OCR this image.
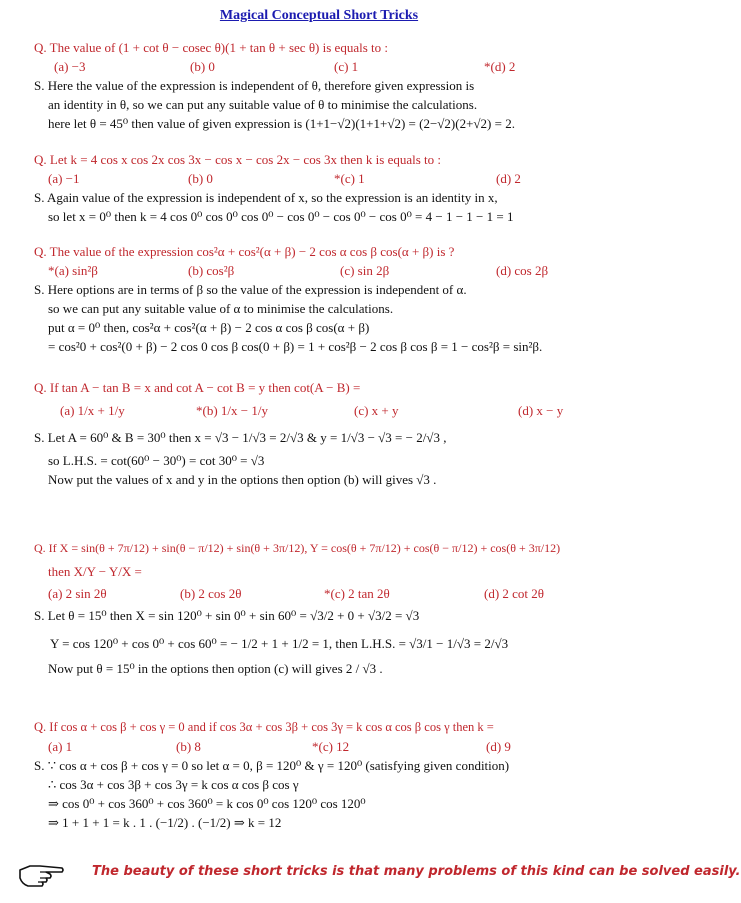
Magical Conceptual Short Tricks
Q. The value of (1 + cot θ − cosec θ)(1 + tan θ + sec θ) is equals to :
(a) −3	(b) 0	(c) 1	*(d) 2
S. Here the value of the expression is independent of θ, therefore given expression is
an identity in θ, so we can put any suitable value of θ to minimise the calculations.
here let θ = 45⁰ then value of given expression is (1+1−√2)(1+1+√2) = (2−√2)(2+√2) = 2.
Q. Let k = 4 cos x cos 2x cos 3x − cos x − cos 2x − cos 3x then k is equals to :
(a) −1	(b) 0	*(c) 1	(d) 2
S. Again value of the expression is independent of x, so the expression is an identity in x,
so let x = 0⁰ then k = 4 cos 0⁰ cos 0⁰ cos 0⁰ − cos 0⁰ − cos 0⁰ − cos 0⁰ = 4 − 1 − 1 − 1 = 1
Q. The value of the expression cos²α + cos²(α + β) − 2 cos α cos β cos(α + β) is ?
*(a) sin²β	(b) cos²β	(c) sin 2β	(d) cos 2β
S. Here options are in terms of β so the value of the expression is independent of α.
so we can put any suitable value of α to minimise the calculations.
put α = 0⁰ then, cos²α + cos²(α + β) − 2 cos α cos β cos(α + β)
= cos²0 + cos²(0 + β) − 2 cos 0 cos β cos(0 + β) = 1 + cos²β − 2 cos β cos β = 1 − cos²β = sin²β.
Q. If tan A − tan B = x and cot A − cot B = y then cot(A − B) =
(a) 1/x + 1/y	*(b) 1/x − 1/y	(c) x + y	(d) x − y
S. Let A = 60⁰ & B = 30⁰ then x = √3 − 1/√3 = 2/√3 & y = 1/√3 − √3 = − 2/√3 ,
so L.H.S. = cot(60⁰ − 30⁰) = cot 30⁰ = √3
Now put the values of x and y in the options then option (b) will gives √3 .
Q. If X = sin(θ + 7π/12) + sin(θ − π/12) + sin(θ + 3π/12), Y = cos(θ + 7π/12) + cos(θ − π/12) + cos(θ + 3π/12)
then X/Y − Y/X =
(a) 2 sin 2θ	(b) 2 cos 2θ	*(c) 2 tan 2θ	(d) 2 cot 2θ
S. Let θ = 15⁰ then X = sin 120⁰ + sin 0⁰ + sin 60⁰ = √3/2 + 0 + √3/2 = √3
Y = cos 120⁰ + cos 0⁰ + cos 60⁰ = − 1/2 + 1 + 1/2 = 1, then L.H.S. = √3/1 − 1/√3 = 2/√3
Now put θ = 15⁰ in the options then option (c) will gives 2 / √3 .
Q. If cos α + cos β + cos γ = 0 and if cos 3α + cos 3β + cos 3γ = k cos α cos β cos γ then k =
(a) 1	(b) 8	*(c) 12	(d) 9
S. ∵ cos α + cos β + cos γ = 0 so let α = 0, β = 120⁰ & γ = 120⁰ (satisfying given condition)
∴ cos 3α + cos 3β + cos 3γ = k cos α cos β cos γ
⇒ cos 0⁰ + cos 360⁰ + cos 360⁰ = k cos 0⁰ cos 120⁰ cos 120⁰
⇒ 1 + 1 + 1 = k . 1 . (−1/2) . (−1/2) ⇒ k = 12
The beauty of these short tricks is that many problems of this kind can be solved easily.
